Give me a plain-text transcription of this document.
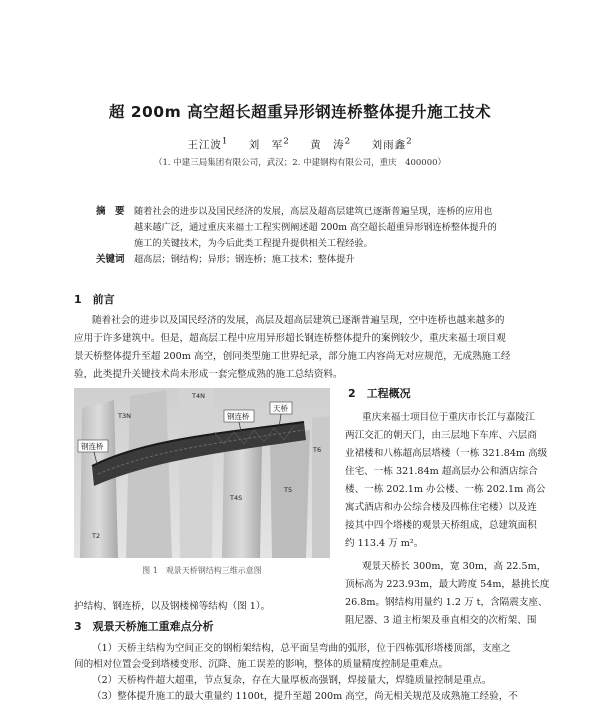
超 200m 高空超长超重异形钢连桥整体提升施工技术
王江波$^1$ 刘　军$^2$ 黄　涛$^2$ 刘雨鑫$^2$
（1. 中建三局集团有限公司，武汉；2. 中建钢构有限公司，重庆　400000）
摘　要	随着社会的进步以及国民经济的发展，高层及超高层建筑已逐渐普遍呈现，连桥的应用也
越来越广泛，通过重庆来福士工程实例阐述超 200m 高空超长超重异形钢连桥整体提升的
施工的关键技术，为今后此类工程提升提供相关工程经验。
关键词	超高层；钢结构；异形；钢连桥；施工技术；整体提升
1　前言
随着社会的进步以及国民经济的发展，高层及超高层建筑已逐渐普遍呈现，空中连桥也越来越多的
应用于许多建筑中。但是，超高层工程中应用异形超长钢连桥整体提升的案例较少，重庆来福士项目观
景天桥整体提升至超 200m 高空，创同类型施工世界纪录，部分施工内容尚无对应规范，无成熟施工经
验，此类提升关键技术尚未形成一套完整成熟的施工总结资料。
2　工程概况
重庆来福士项目位于重庆市长江与嘉陵江
两江交汇的朝天门，由三层地下车库、六层商
业裙楼和八栋超高层塔楼（一栋 321.84m 高级
住宅、一栋 321.84m 超高层办公和酒店综合
楼、一栋 202.1m 办公楼、一栋 202.1m 高公
寓式酒店和办公综合楼及四栋住宅楼）以及连
接其中四个塔楼的观景天桥组成，总建筑面积
约 113.4 万 m²。
观景天桥长 300m，宽 30m，高 22.5m，
顶标高为 223.93m，最大跨度 54m，悬挑长度
26.8m。钢结构用量约 1.2 万 t，含隔震支座、
阻尼器、3 道主桁架及垂直相交的次桁架、围
护结构、钢连桥，以及钢楼梯等结构（图 1）。
T3N
T4N
T2
T4S
T5
T6
钢连桥
天桥
钢连桥
图 1　观景天桥钢结构三维示意图
3　观景天桥施工重难点分析
（1）天桥主结构为空间正交的钢桁架结构，总平面呈弯曲的弧形，位于四栋弧形塔楼顶部，支座之
间的相对位置会受到塔楼变形、沉降、施工误差的影响，整体的质量精度控制是重难点。
（2）天桥构件超大超重，节点复杂，存在大量厚板高强钢，焊接量大，焊缝质量控制是重点。
（3）整体提升施工的最大重量约 1100t，提升至超 200m 高空，尚无相关规范及成熟施工经验，不
